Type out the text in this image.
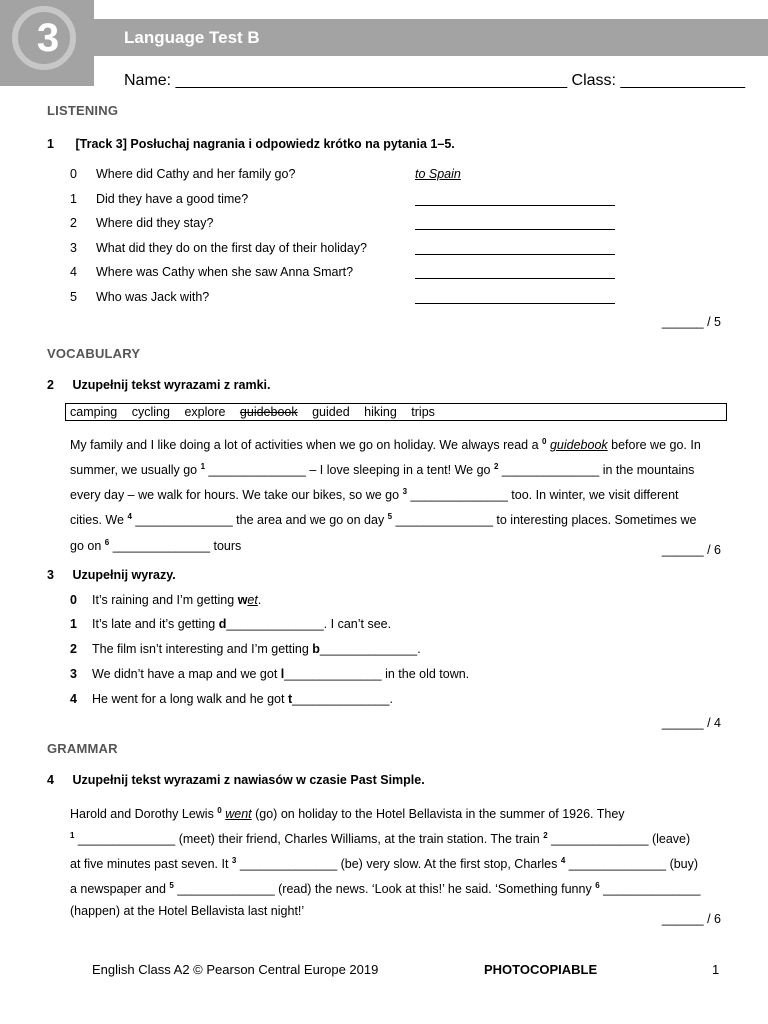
3	Language Test B
Name: ____________________________________________ Class: ______________
LISTENING
1 [Track 3] Posłuchaj nagrania i odpowiedz krótko na pytania 1–5.
0 Where did Cathy and her family go?	to Spain
1 Did they have a good time?
2 Where did they stay?
3 What did they do on the first day of their holiday?
4 Where was Cathy when she saw Anna Smart?
5 Who was Jack with?
______ / 5
VOCABULARY
2 Uzupełnij tekst wyrazami z ramki.
camping cycling explore guidebook guided hiking trips
My family and I like doing a lot of activities when we go on holiday. We always read a $^0$ guidebook before we go. In
summer, we usually go $^1$ ______________ – I love sleeping in a tent! We go $^2$ ______________ in the mountains
every day – we walk for hours. We take our bikes, so we go $^3$ ______________ too. In winter, we visit different
cities. We $^4$ ______________ the area and we go on day $^5$ ______________ to interesting places. Sometimes we
go on $^6$ ______________ tours	______ / 6
3 Uzupełnij wyrazy.
0 It’s raining and I’m getting wet.
1 It’s late and it’s getting d______________. I can’t see.
2 The film isn’t interesting and I’m getting b______________.
3 We didn’t have a map and we got l______________ in the old town.
4 He went for a long walk and he got t______________.
______ / 4
GRAMMAR
4 Uzupełnij tekst wyrazami z nawiasów w czasie Past Simple.
Harold and Dorothy Lewis $^0$ went (go) on holiday to the Hotel Bellavista in the summer of 1926. They
$^1$ ______________ (meet) their friend, Charles Williams, at the train station. The train $^2$ ______________ (leave)
at five minutes past seven. It $^3$ ______________ (be) very slow. At the first stop, Charles $^4$ ______________ (buy)
a newspaper and $^5$ ______________ (read) the news. ‘Look at this!’ he said. ‘Something funny $^6$ ______________
(happen) at the Hotel Bellavista last night!’
______ / 6
English Class A2 © Pearson Central Europe 2019	PHOTOCOPIABLE	1
